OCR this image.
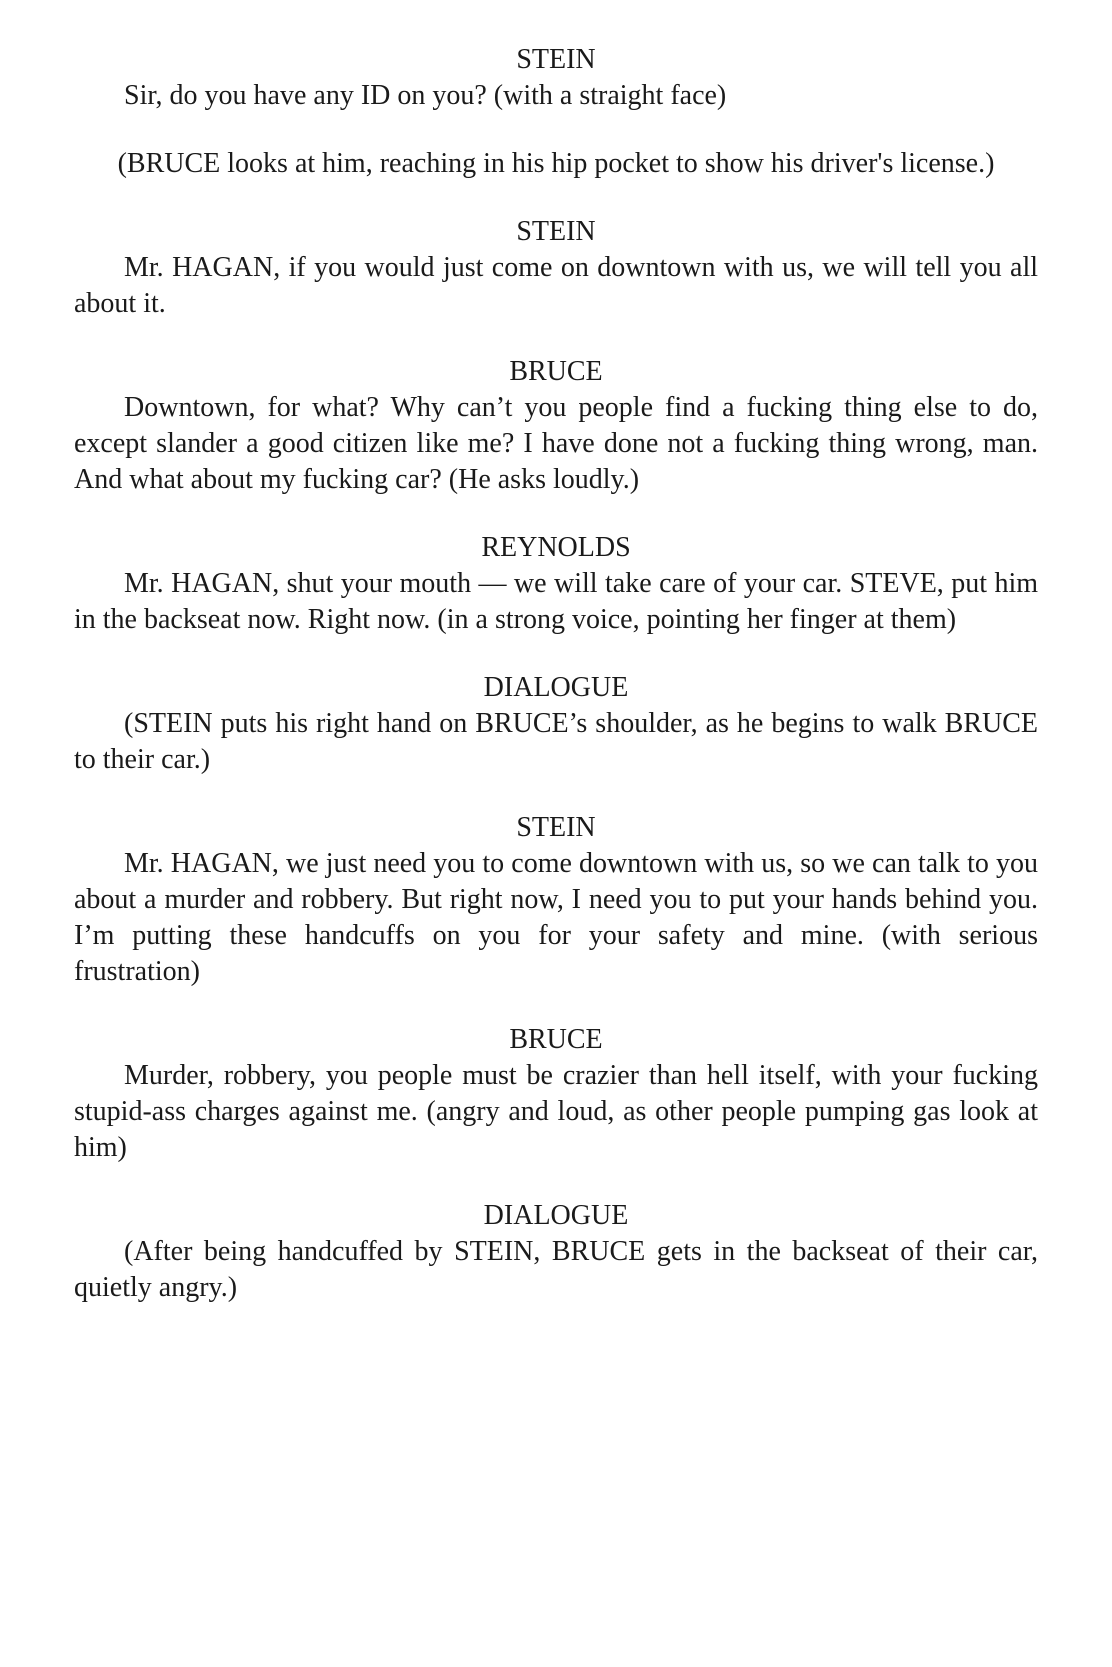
STEIN

Sir, do you have any ID on you? (with a straight face)

(BRUCE looks at him, reaching in his hip pocket to show his driver's license.)

STEIN

Mr. HAGAN, if you would just come on downtown with us, we will tell you all about it.

BRUCE

Downtown, for what? Why can’t you people find a fucking thing else to do, except slander a good citizen like me? I have done not a fucking thing wrong, man. And what about my fucking car? (He asks loudly.)

REYNOLDS

Mr. HAGAN, shut your mouth — we will take care of your car. STEVE, put him in the backseat now. Right now. (in a strong voice, pointing her finger at them)

DIALOGUE

(STEIN puts his right hand on BRUCE’s shoulder, as he begins to walk BRUCE to their car.)

STEIN

Mr. HAGAN, we just need you to come downtown with us, so we can talk to you about a murder and robbery. But right now, I need you to put your hands behind you. I’m putting these handcuffs on you for your safety and mine. (with serious frustration)

BRUCE

Murder, robbery, you people must be crazier than hell itself, with your fucking stupid-ass charges against me. (angry and loud, as other people pumping gas look at him)

DIALOGUE

(After being handcuffed by STEIN, BRUCE gets in the backseat of their car, quietly angry.)
